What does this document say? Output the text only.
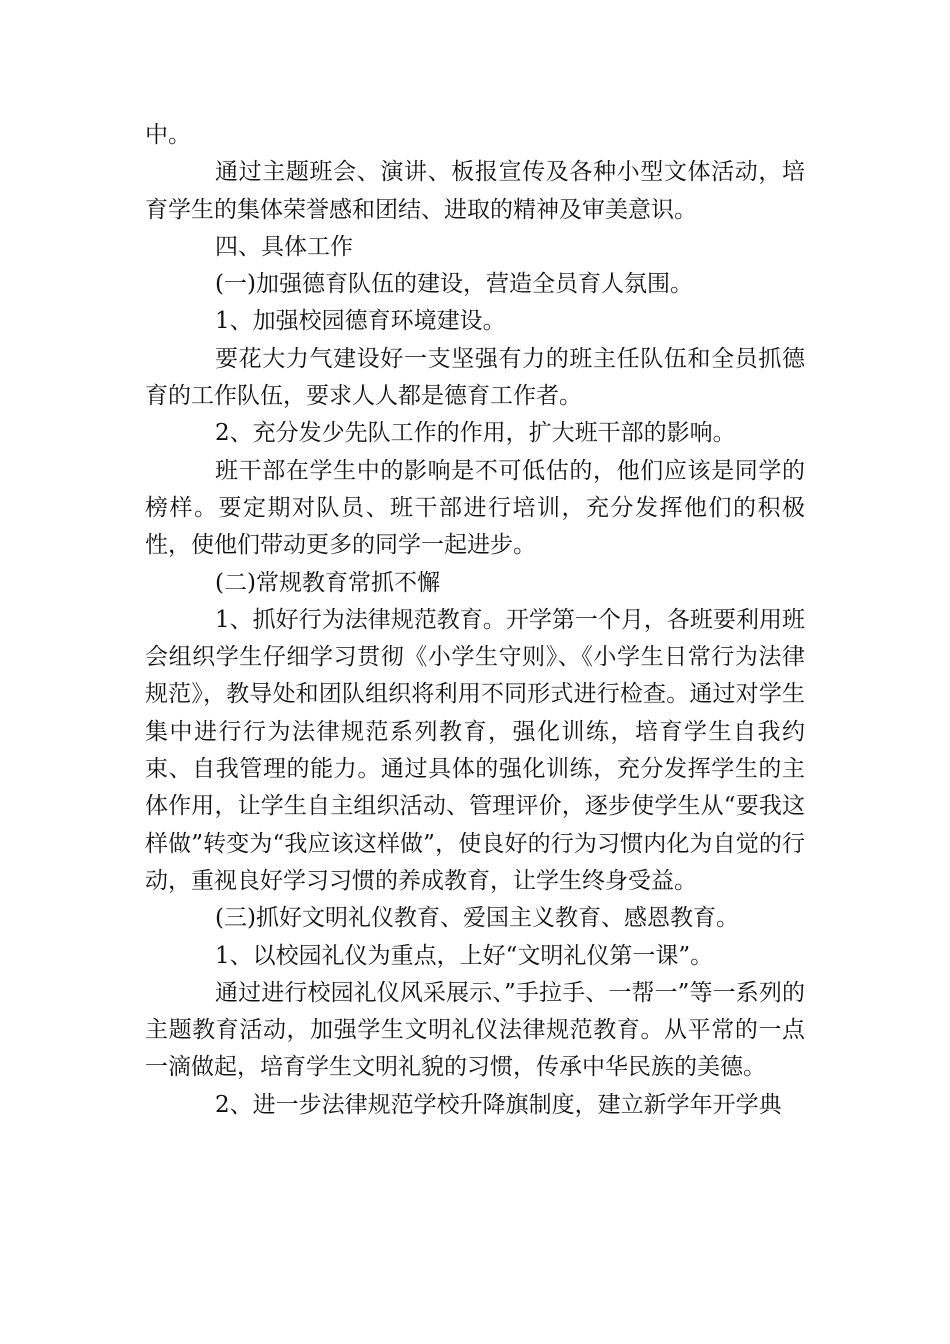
中。

通过主题班会、演讲、板报宣传及各种小型文体活动，培育学生的集体荣誉感和团结、进取的精神及审美意识。

四、具体工作

(一)加强德育队伍的建设，营造全员育人氛围。

1、加强校园德育环境建设。

要花大力气建设好一支坚强有力的班主任队伍和全员抓德育的工作队伍，要求人人都是德育工作者。

2、充分发少先队工作的作用，扩大班干部的影响。

班干部在学生中的影响是不可低估的，他们应该是同学的榜样。要定期对队员、班干部进行培训，充分发挥他们的积极性，使他们带动更多的同学一起进步。

(二)常规教育常抓不懈

1、抓好行为法律规范教育。开学第一个月，各班要利用班会组织学生仔细学习贯彻《小学生守则》、《小学生日常行为法律规范》，教导处和团队组织将利用不同形式进行检查。通过对学生集中进行行为法律规范系列教育，强化训练，培育学生自我约束、自我管理的能力。通过具体的强化训练，充分发挥学生的主体作用，让学生自主组织活动、管理评价，逐步使学生从“要我这样做”转变为“我应该这样做”，使良好的行为习惯内化为自觉的行动，重视良好学习习惯的养成教育，让学生终身受益。

(三)抓好文明礼仪教育、爱国主义教育、感恩教育。

1、以校园礼仪为重点，上好“文明礼仪第一课”。

通过进行校园礼仪风采展示、”手拉手、一帮一”等一系列的主题教育活动，加强学生文明礼仪法律规范教育。从平常的一点一滴做起，培育学生文明礼貌的习惯，传承中华民族的美德。

2、进一步法律规范学校升降旗制度，建立新学年开学典
